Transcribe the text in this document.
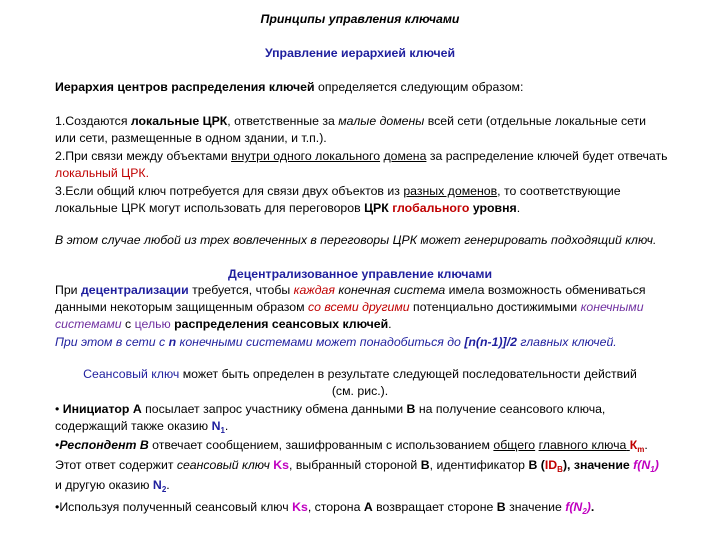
Принципы управления ключами
Управление иерархией ключей
Иерархия центров распределения ключей определяется следующим образом:
1.Создаются локальные ЦРК, ответственные за малые домены всей сети (отдельные локальные сети
или сети, размещенные в одном здании, и т.п.).
2.При связи между объектами внутри одного локального домена за распределение ключей будет отвечать
локальный ЦРК.
3.Если общий ключ потребуется для связи двух объектов из разных доменов, то соответствующие
локальные ЦРК могут использовать для переговоров ЦРК глобального уровня.
В этом случае любой из трех вовлеченных в переговоры ЦРК может генерировать подходящий ключ.
Децентрализованное управление ключами
При децентрализации требуется, чтобы каждая конечная система имела возможность обмениваться
данными некоторым защищенным образом со всеми другими потенциально достижимыми конечными
системами с целью распределения сеансовых ключей.
При этом в сети с n конечными системами может понадобиться до [n(n-1)]/2 главных ключей.
Сеансовый ключ может быть определен в результате следующей последовательности действий
(см. рис.).
• Инициатор А посылает запрос участнику обмена данными В на получение сеансового ключа,
содержащий также оказию $N_1$.
•Респондент В отвечает сообщением, зашифрованным с использованием общего главного ключа $К_m$.
Этот ответ содержит сеансовый ключ Ks, выбранный стороной В, идентификатор В $(ID_B)$, значение $f(N_1)$
и другую оказию $N_2$.
•Используя полученный сеансовый ключ Ks, сторона А возвращает стороне В значение $f(N_2)$.
